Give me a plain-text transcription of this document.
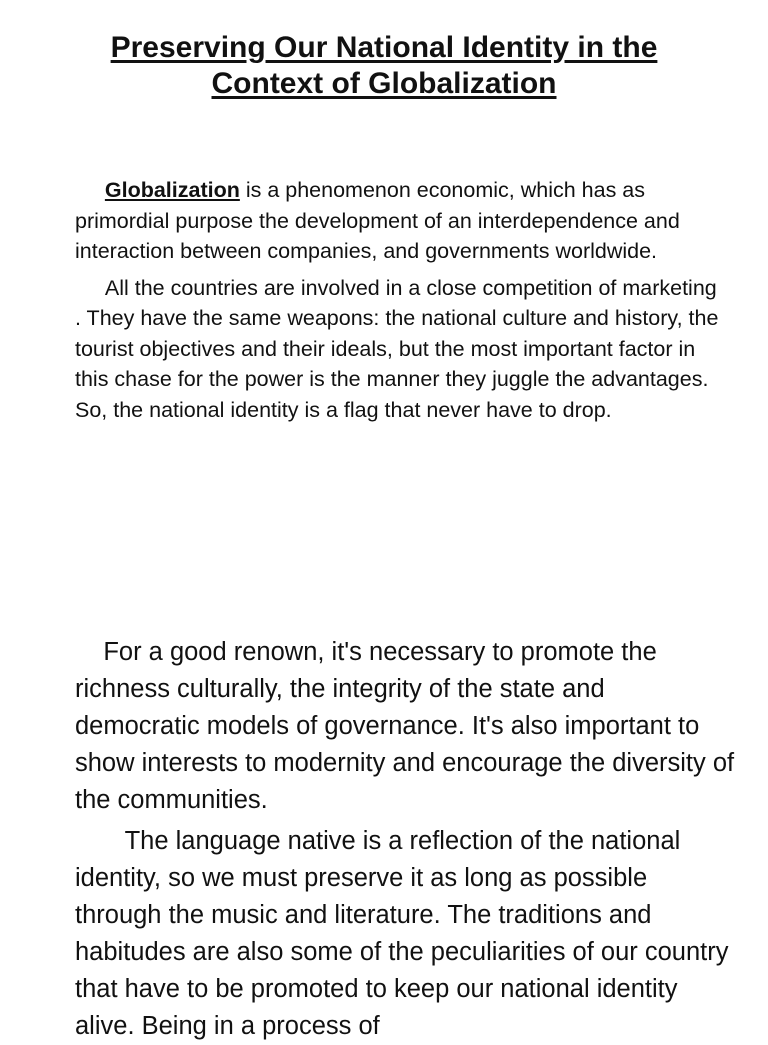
Preserving Our National Identity in the
Context of Globalization

Globalization is a phenomenon economic, which has as primordial purpose the development of an interdependence and interaction between companies, and governments worldwide.

All the countries are involved in a close competition of marketing . They have the same weapons: the national culture and history, the tourist objectives and their ideals, but the most important factor in this chase for the power is the manner they juggle the advantages. So, the national identity is a flag that never have to drop.

For a good renown, it's necessary to promote the richness culturally, the integrity of the state and democratic models of governance. It's also important to show interests to modernity and encourage the diversity of the communities.

The language native is a reflection of the national identity, so we must preserve it as long as possible through the music and literature. The traditions and habitudes are also some of the peculiarities of our country that have to be promoted to keep our national identity alive. Being in a process of
